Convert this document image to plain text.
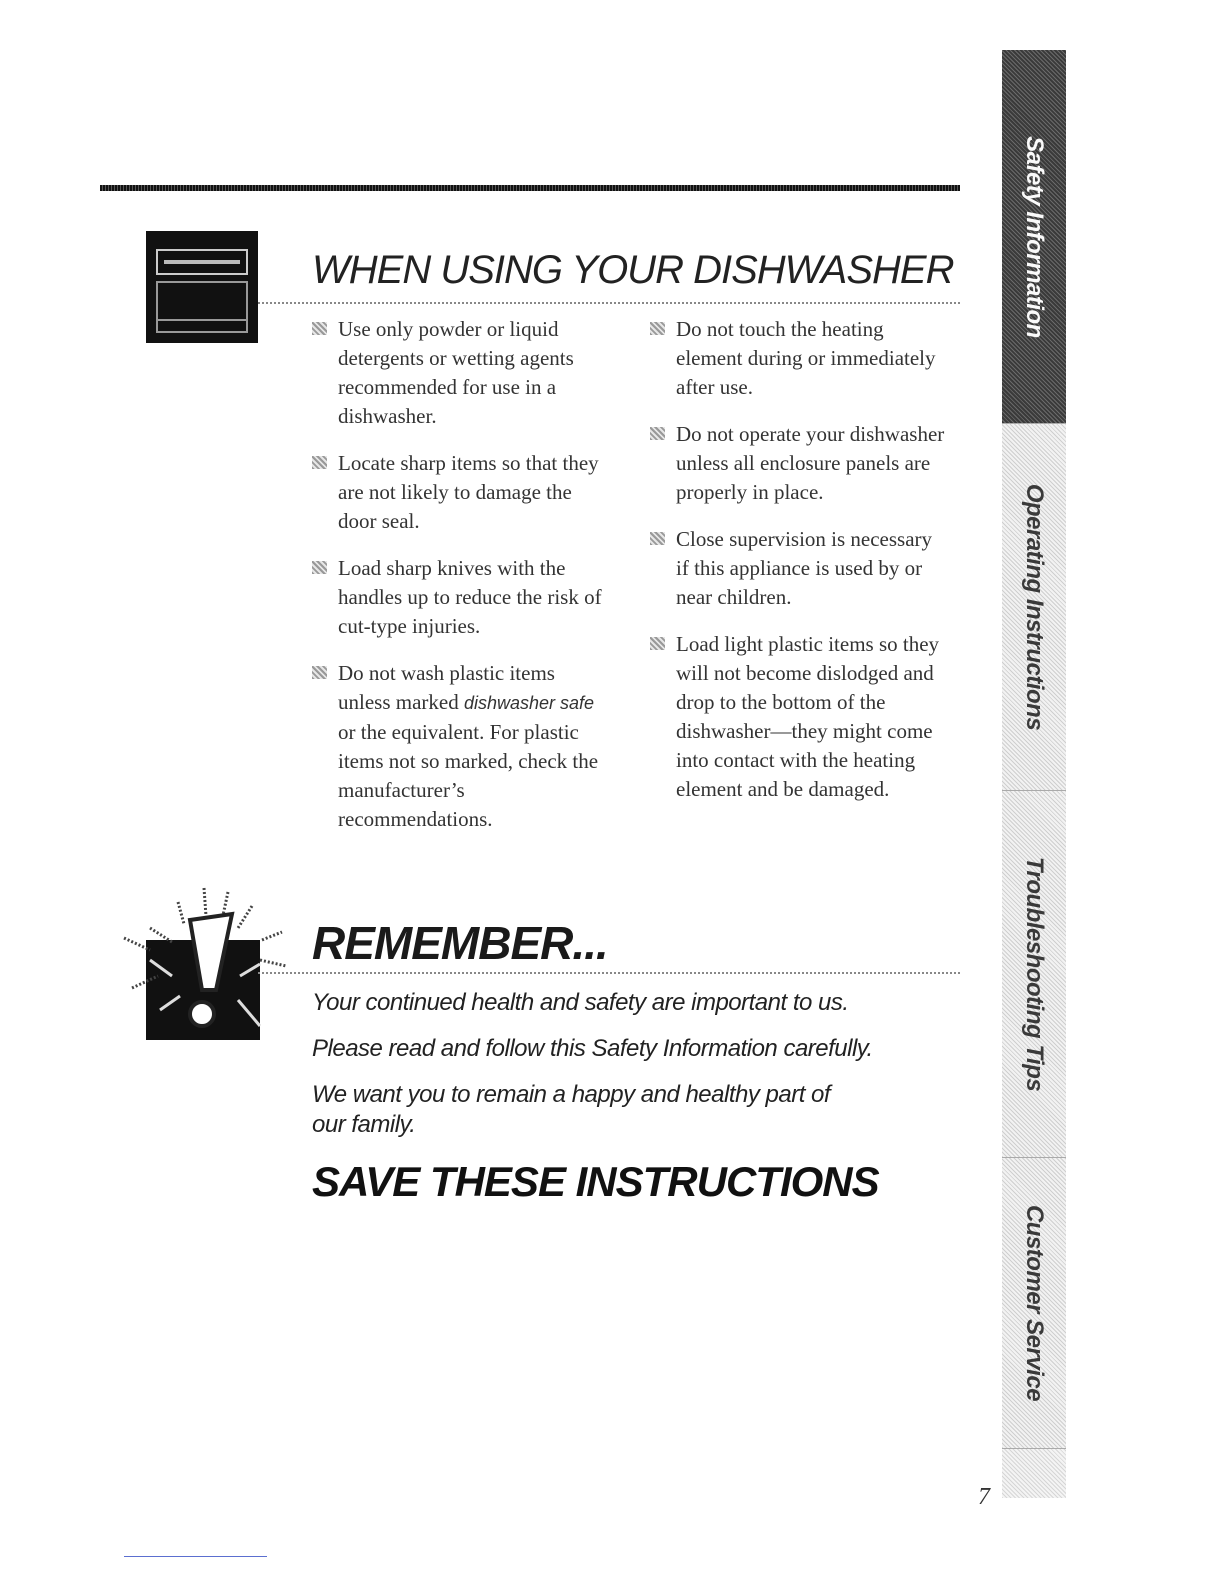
WHEN USING YOUR DISHWASHER

Use only powder or liquid detergents or wetting agents recommended for use in a dishwasher.

Locate sharp items so that they are not likely to damage the door seal.

Load sharp knives with the handles up to reduce the risk of cut-type injuries.

Do not wash plastic items unless marked dishwasher safe or the equivalent. For plastic items not so marked, check the manufacturer’s recommendations.

Do not touch the heating element during or immediately after use.

Do not operate your dishwasher unless all enclosure panels are properly in place.

Close supervision is necessary if this appliance is used by or near children.

Load light plastic items so they will not become dislodged and drop to the bottom of the dishwasher—they might come into contact with the heating element and be damaged.

REMEMBER...

Your continued health and safety are important to us.

Please read and follow this Safety Information carefully.

We want you to remain a happy and healthy part of

our family.

SAVE THESE INSTRUCTIONS
Safety Information
Operating Instructions
Troubleshooting Tips
Customer Service
7
